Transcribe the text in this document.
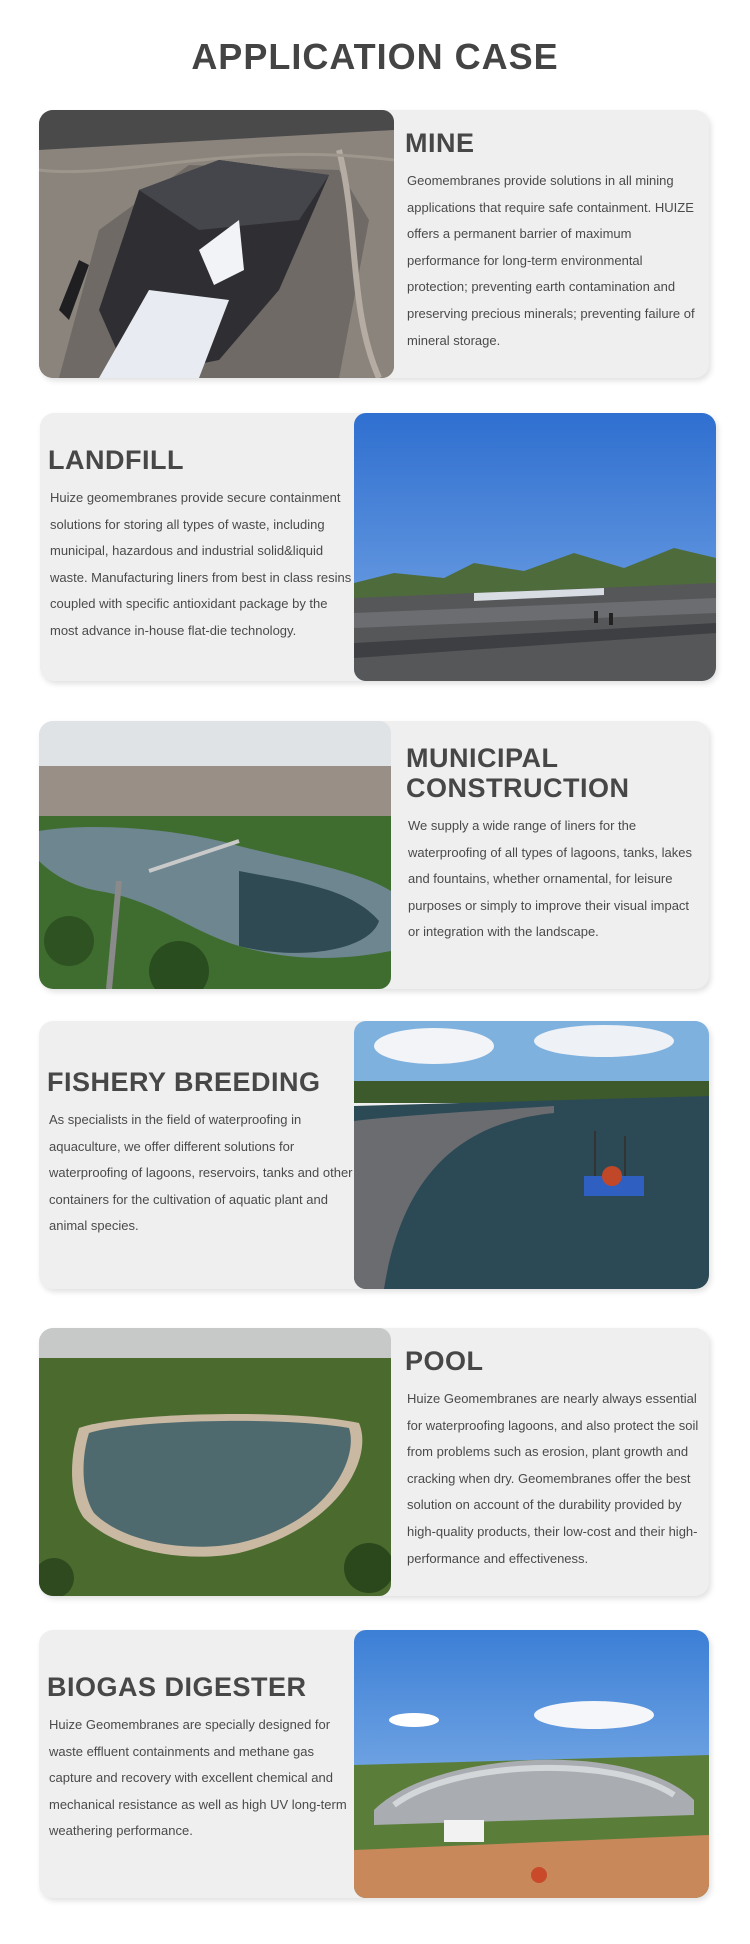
APPLICATION CASE
MINE

Geomembranes provide solutions in all mining applications that require safe containment. HUIZE offers a permanent barrier of maximum performance for long-term environmental protection; preventing earth contamination and preserving precious minerals; preventing failure of mineral storage.

LANDFILL

Huize geomembranes provide secure containment solutions for storing all types of waste, including municipal, hazardous and industrial solid&liquid waste. Manufacturing liners from best in class resins coupled with specific antioxidant package by the most advance in-house flat-die technology.

MUNICIPAL CONSTRUCTION

We supply a wide range of liners for the waterproofing of all types of lagoons, tanks, lakes and fountains, whether ornamental, for leisure purposes or simply to improve their visual impact or integration with the landscape.

FISHERY BREEDING

As specialists in the field of waterproofing in aquaculture, we offer different solutions for waterproofing of lagoons, reservoirs, tanks and other containers for the cultivation of aquatic plant and animal species.

POOL

Huize Geomembranes are nearly always essential for waterproofing lagoons, and also protect the soil from problems such as erosion, plant growth and cracking when dry. Geomembranes offer the best solution on account of the durability provided by high-quality products, their low-cost and their high-performance and effectiveness.

BIOGAS DIGESTER

Huize Geomembranes are specially designed for waste effluent containments and methane gas capture and recovery with excellent chemical and mechanical resistance as well as high UV long-term weathering performance.
